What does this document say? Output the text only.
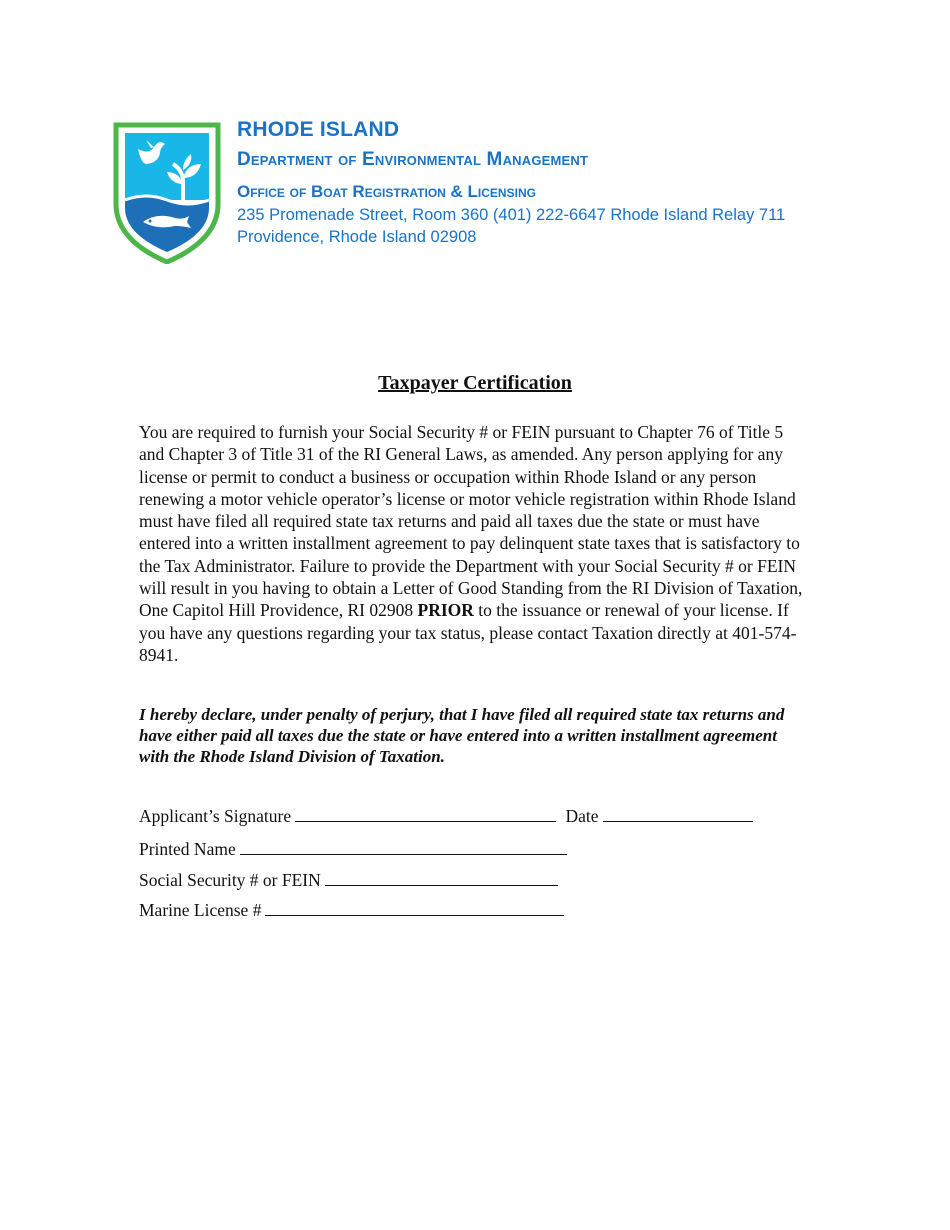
RHODE ISLAND
Department of Environmental Management
Office of Boat Registration & Licensing
235 Promenade Street, Room 360 (401) 222-6647 Rhode Island Relay 711
Providence, Rhode Island 02908
Taxpayer Certification

You are required to furnish your Social Security # or FEIN pursuant to Chapter 76 of Title 5 and Chapter 3 of Title 31 of the RI General Laws, as amended. Any person applying for any license or permit to conduct a business or occupation within Rhode Island or any person renewing a motor vehicle operator’s license or motor vehicle registration within Rhode Island must have filed all required state tax returns and paid all taxes due the state or must have entered into a written installment agreement to pay delinquent state taxes that is satisfactory to the Tax Administrator. Failure to provide the Department with your Social Security # or FEIN will result in you having to obtain a Letter of Good Standing from the RI Division of Taxation, One Capitol Hill Providence, RI 02908 PRIOR to the issuance or renewal of your license. If you have any questions regarding your tax status, please contact Taxation directly at 401-574-8941.

I hereby declare, under penalty of perjury, that I have filed all required state tax returns and have either paid all taxes due the state or have entered into a written installment agreement with the Rhode Island Division of Taxation.

Applicant’s Signature	Date
Printed Name
Social Security # or FEIN
Marine License #
